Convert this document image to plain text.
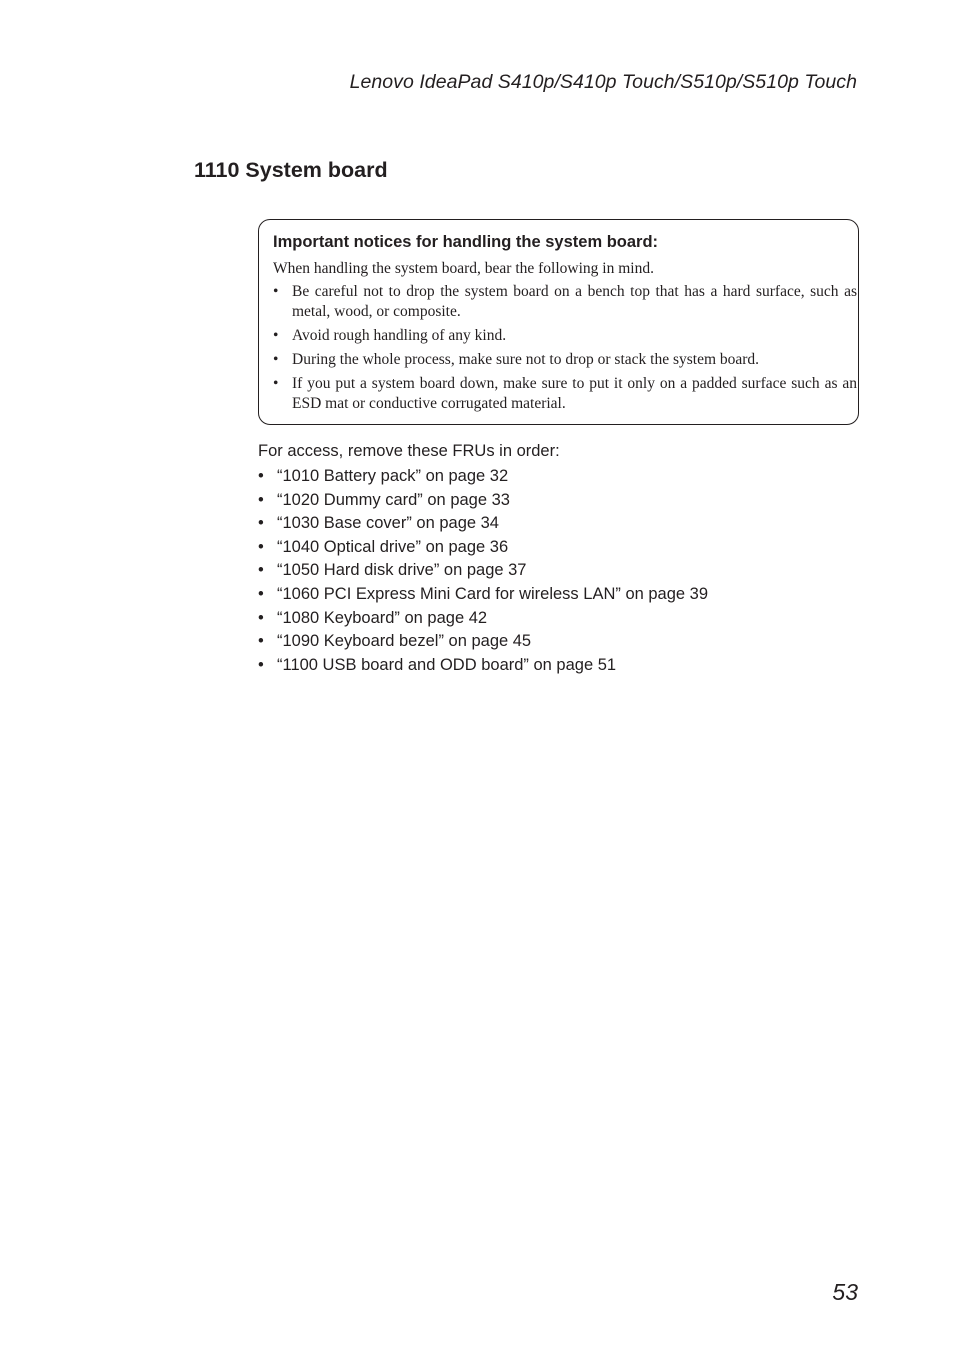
Lenovo IdeaPad S410p/S410p Touch/S510p/S510p Touch
1110 System board

Important notices for handling the system board:

When handling the system board, bear the following in mind.
• Be careful not to drop the system board on a bench top that has a hard surface, such as metal, wood, or composite.
• Avoid rough handling of any kind.
• During the whole process, make sure not to drop or stack the system board.
• If you put a system board down, make sure to put it only on a padded surface such as an ESD mat or conductive corrugated material.
For access, remove these FRUs in order:
• “1010 Battery pack” on page 32
• “1020 Dummy card” on page 33
• “1030 Base cover” on page 34
• “1040 Optical drive” on page 36
• “1050 Hard disk drive” on page 37
• “1060 PCI Express Mini Card for wireless LAN” on page 39
• “1080 Keyboard” on page 42
• “1090 Keyboard bezel” on page 45
• “1100 USB board and ODD board” on page 51
53
